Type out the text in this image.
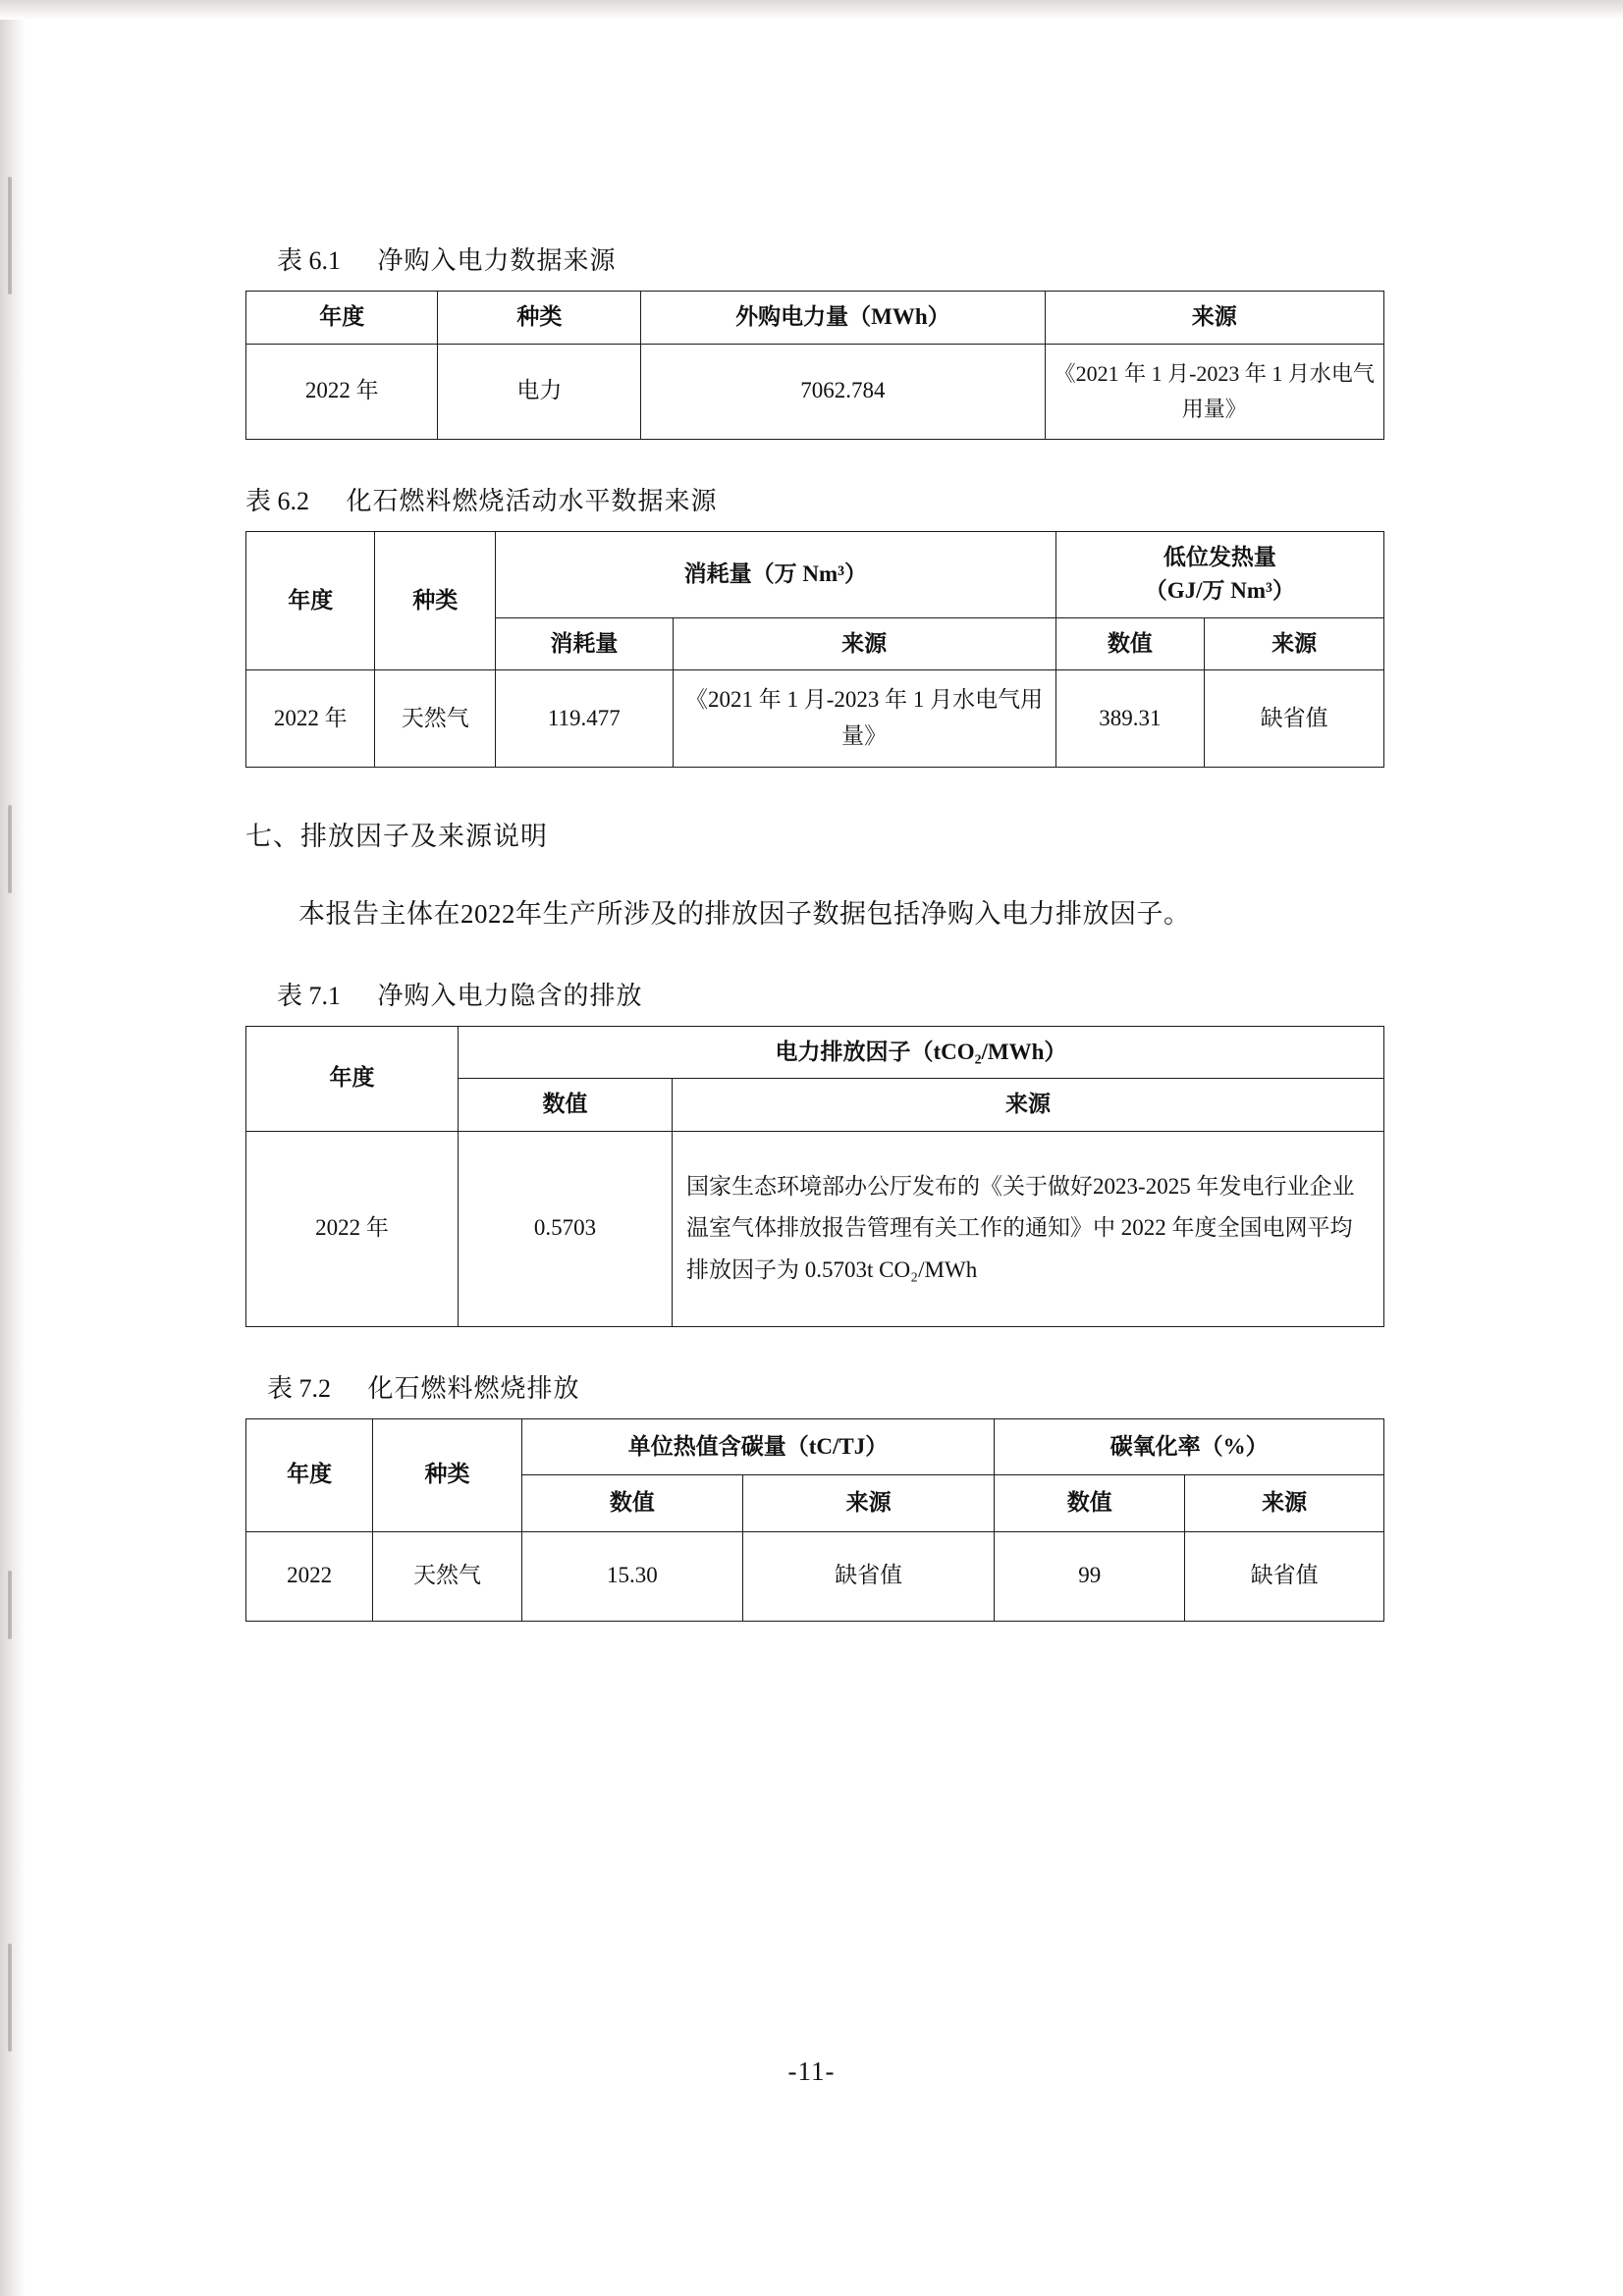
表 6.1 净购入电力数据来源
年度	种类	外购电力量（MWh）	来源
2022 年	电力	7062.784	《2021 年 1 月-2023 年 1 月水电气用量》
表 6.2 化石燃料燃烧活动水平数据来源
年度	种类	消耗量（万 Nm³）		低位发热量
（GJ/万 Nm³）	

		消耗量	来源	数值	来源
2022 年	天然气	119.477	《2021 年 1 月-2023 年 1 月水电气用量》	389.31	缺省值
七、排放因子及来源说明

本报告主体在2022年生产所涉及的排放因子数据包括净购入电力排放因子。

表 7.1 净购入电力隐含的排放
年度	电力排放因子（tCO₂/MWh）	
	数值	来源
2022 年	0.5703	国家生态环境部办公厅发布的《关于做好2023-2025 年发电行业企业温室气体排放报告管理有关工作的通知》中 2022 年度全国电网平均排放因子为 0.5703t CO₂/MWh
表 7.2 化石燃料燃烧排放
年度	种类	单位热值含碳量（tC/TJ）		碳氧化率（%）	
		数值	来源	数值	来源
2022	天然气	15.30	缺省值	99	缺省值
-11-
